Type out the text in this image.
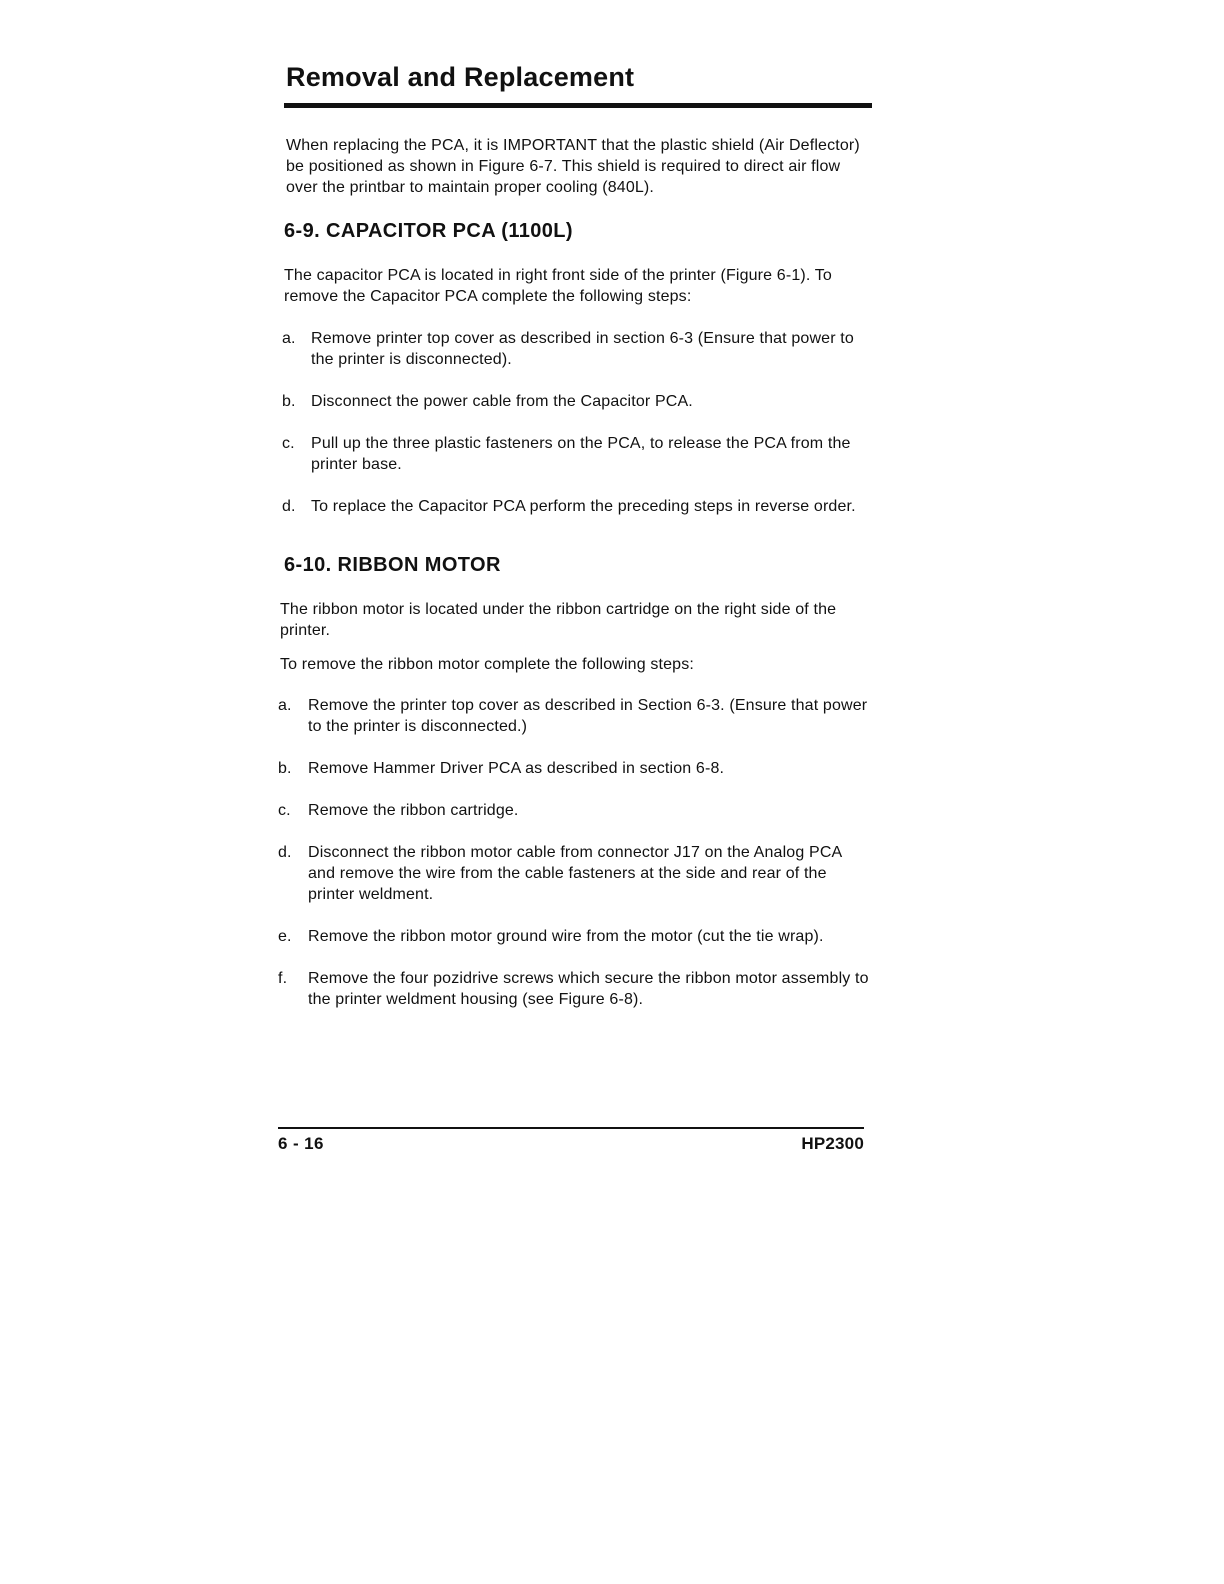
Removal and Replacement

When replacing the PCA, it is IMPORTANT that the plastic shield (Air Deflector) be positioned as shown in Figure 6-7. This shield is required to direct air flow over the printbar to maintain proper cooling (840L).

6-9. CAPACITOR PCA (1100L)

The capacitor PCA is located in right front side of the printer (Figure 6-1). To remove the Capacitor PCA complete the following steps:

a. Remove printer top cover as described in section 6-3 (Ensure that power to the printer is disconnected).
b. Disconnect the power cable from the Capacitor PCA.
c. Pull up the three plastic fasteners on the PCA, to release the PCA from the printer base.
d. To replace the Capacitor PCA perform the preceding steps in reverse order.
6-10. RIBBON MOTOR

The ribbon motor is located under the ribbon cartridge on the right side of the printer.

To remove the ribbon motor complete the following steps:

a. Remove the printer top cover as described in Section 6-3. (Ensure that power to the printer is disconnected.)
b. Remove Hammer Driver PCA as described in section 6-8.
c. Remove the ribbon cartridge.
d. Disconnect the ribbon motor cable from connector J17 on the Analog PCA and remove the wire from the cable fasteners at the side and rear of the printer weldment.
e. Remove the ribbon motor ground wire from the motor (cut the tie wrap).
f. Remove the four pozidrive screws which secure the ribbon motor assembly to the printer weldment housing (see Figure 6-8).
6 - 16	HP2300
